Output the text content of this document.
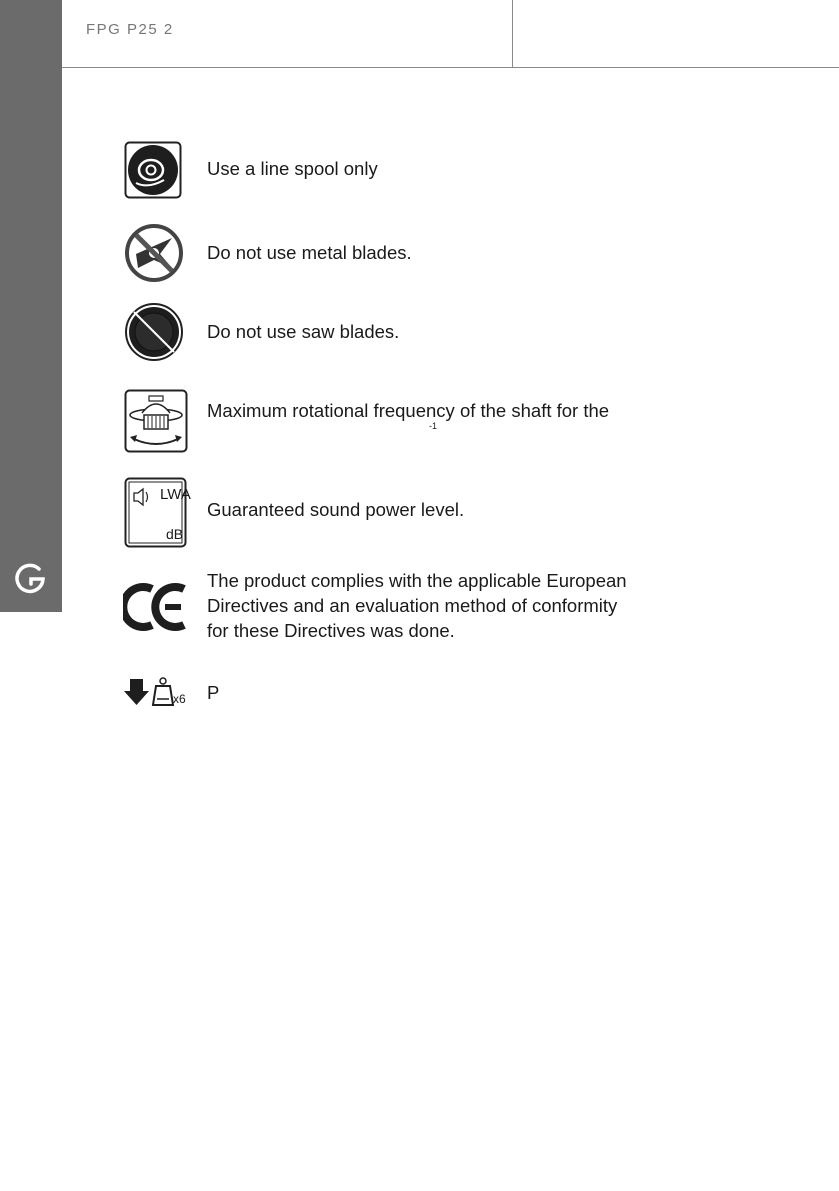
FPG P25 2
Use a line spool only
Do not use metal blades.
Do not use saw blades.
Maximum rotational frequency of the shaft for the
-1
LWA
dB
Guaranteed sound power level.
The product complies with the applicable European
Directives and an evaluation method of conformity
for these Directives was done.
x6 P
